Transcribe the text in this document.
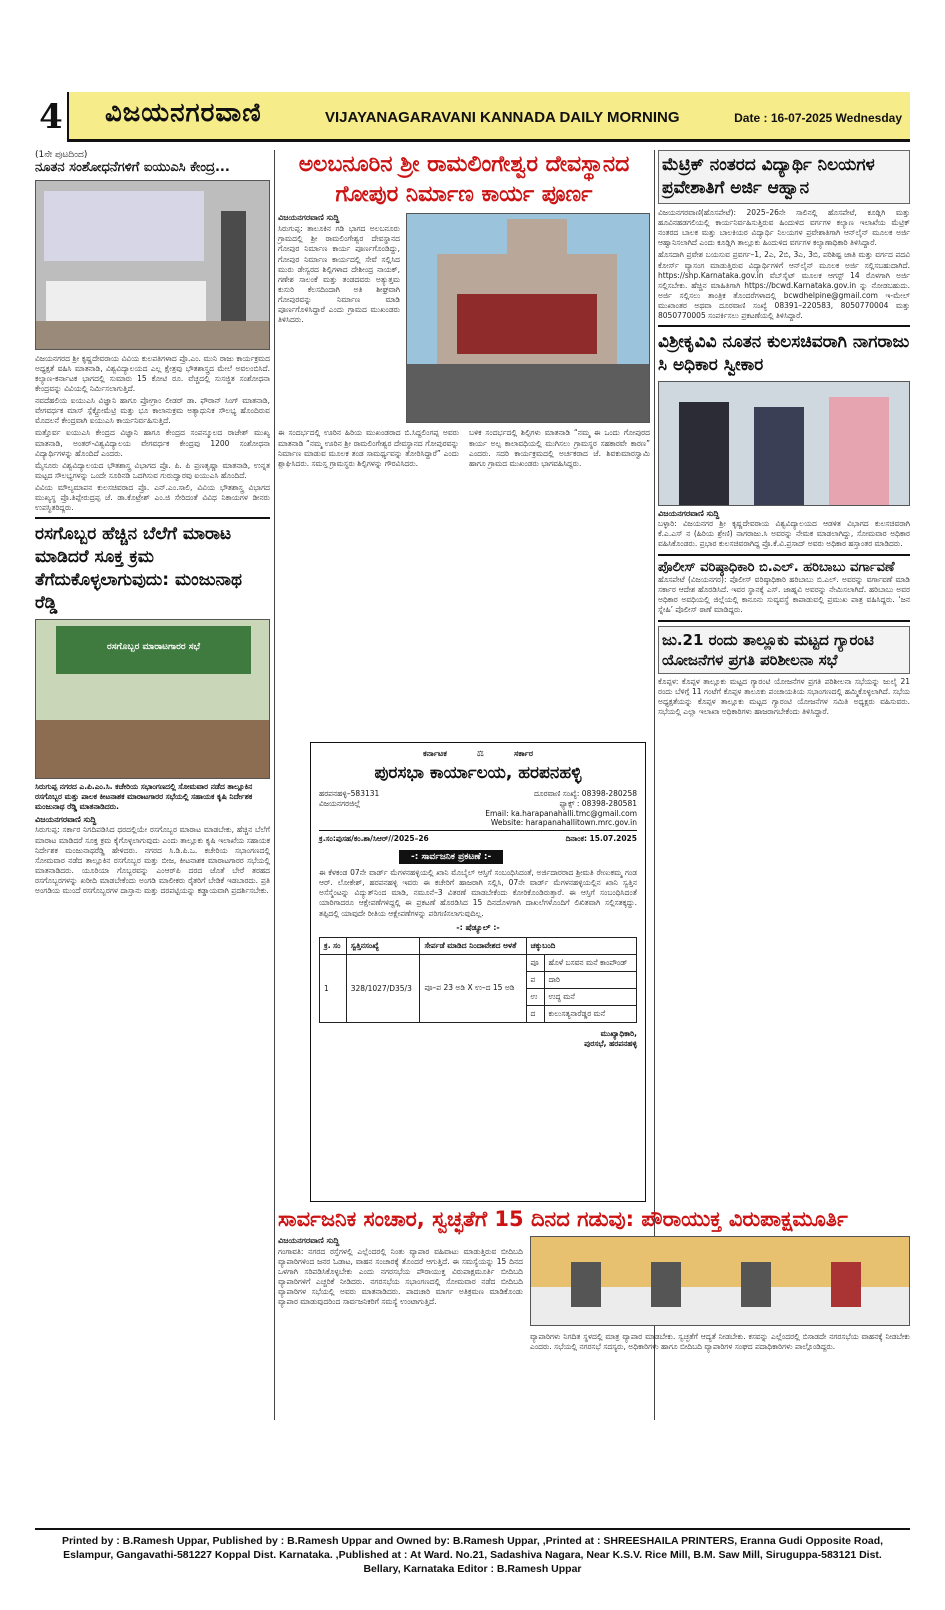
4 ವಿಜಯನಗರವಾಣಿ	VIJAYANAGARAVANI KANNADA DAILY MORNING	Date : 16-07-2025 Wednesday
(1ನೇ ಪುಟದಿಂದ)
ನೂತನ ಸಂಶೋಧನೆಗಳಿಗೆ ಐಯುಎಸಿ ಕೇಂದ್ರ...

ವಿಜಯನಗರದ ಶ್ರೀ ಕೃಷ್ಣದೇವರಾಯ ವಿವಿಯ ಕುಲಪತಿಗಳಾದ ಪ್ರೊ.ಎಂ. ಮುನಿ ರಾಜು ಕಾರ್ಯಕ್ರಮದ ಅಧ್ಯಕ್ಷತೆ ವಹಿಸಿ ಮಾತನಾಡಿ, ವಿಶ್ವವಿದ್ಯಾಲಯದ ಎಲ್ಲ ಕ್ಷೇತ್ರವು ಭೌತಶಾಸ್ತ್ರದ ಮೇಲೆ ಅವಲಂಬಿಸಿದೆ. ಕಲ್ಯಾಣ-ಕರ್ನಾಟಕ ಭಾಗದಲ್ಲಿ ಸುಮಾರು 15 ಕೋಟಿ ರೂ. ವೆಚ್ಚದಲ್ಲಿ ಸುಸಜ್ಜಿತ ಸಂಶೋಧನಾ ಕೇಂದ್ರವನ್ನು ವಿವಿಯಲ್ಲಿ ನಿರ್ಮಿಸಲಾಗುತ್ತಿದೆ.

ನವದೆಹಲಿಯ ಐಯುಎಸಿ ವಿಜ್ಞಾನಿ ಹಾಗೂ ಪ್ರೋಗ್ರಾಂ ಲೀಡರ್ ಡಾ. ಫೌರಾನ್ ಸಿಂಗ್ ಮಾತನಾಡಿ, ವೇಗವರ್ಧಕ ಮಾಸ್ ಸ್ಪೆಕ್ಟ್ರೋಮೆಟ್ರಿ ಮತ್ತು ಭೂ ಕಾಲಾನುಕ್ರಮ ಅತ್ಯಾಧುನಿಕ ಸೌಲಭ್ಯ ಹೊಂದಿರುವ ಮೊದಲನೆ ಕೇಂದ್ರವಾಗಿ ಐಯುಎಸಿ ಕಾರ್ಯನಿರ್ವಹಿಸುತ್ತಿದೆ.

ಮತ್ತೊರ್ವ ಐಯುಎಸಿ ಕೇಂದ್ರದ ವಿಜ್ಞಾನಿ ಹಾಗೂ ಕೇಂದ್ರದ ಸಂಪನ್ಮೂಲದ ರಾಜೇಶ್ ಮುಖ್ಯ ಮಾತನಾಡಿ, ಅಂತರ್-ವಿಶ್ವವಿದ್ಯಾಲಯ ವೇಗವರ್ಧಕ ಕೇಂದ್ರವು 1200 ಸಂಶೋಧನಾ ವಿದ್ಯಾರ್ಥಿಗಳನ್ನು ಹೊಂದಿದೆ ಎಂದರು.

ಮೈಸೂರು ವಿಶ್ವವಿದ್ಯಾಲಯದ ಭೌತಶಾಸ್ತ್ರ ವಿಭಾಗದ ಪ್ರೊ. ಪಿ. ಪಿ ಪ್ರಣತೃಷ್ಣಾ ಮಾತನಾಡಿ, ಉನ್ನತ ಮಟ್ಟದ ಸೌಲಭ್ಯಗಳನ್ನು ಒಂದೇ ಸೂರಿನಡಿ ಒದಗಿಸುವ ಗುರುದ್ವಾರವು ಐಯುಎಸಿ ಹೊಂದಿದೆ.

ವಿವಿಯ ಮೌಲ್ಯಮಾಪನ ಕುಲಸಚಿವರಾದ ಪ್ರೊ. ಎನ್.ಎಂ.ಸಾಲಿ, ವಿವಿಯ ಭೌತಶಾಸ್ತ್ರ ವಿಭಾಗದ ಮುಖ್ಯಸ್ಥ ಪ್ರೊ.ತಿಪ್ಪೇರುದ್ರಪ್ಪ ಜೆ. ಡಾ.ಕೊಟ್ರೇಶ್ ಎಂ.ಜಿ ಸೇರಿದಂತೆ ವಿವಿಧ ನಿಕಾಯಗಳ ಡೀನರು ಉಪಸ್ಥಿತರಿದ್ದರು.

ರಸಗೊಬ್ಬರ ಹೆಚ್ಚಿನ ಬೆಲೆಗೆ ಮಾರಾಟ ಮಾಡಿದರೆ ಸೂಕ್ತ ಕ್ರಮ ತೆಗೆದುಕೊಳ್ಳಲಾಗುವುದು: ಮಂಜುನಾಥ ರೆಡ್ಡಿ
ರಸಗೊಬ್ಬರ ಮಾರಾಟಗಾರರ ಸಭೆ
ಸಿರುಗುಪ್ಪ ನಗರದ ಎ.ಪಿ.ಎಂ.ಸಿ. ಕಚೇರಿಯ ಸಭಾಂಗಣದಲ್ಲಿ ಸೋಮವಾರ ನಡೆದ ತಾಲ್ಲೂಕಿನ ರಸಗೊಬ್ಬರ ಮತ್ತು ಪಾಲಕ ಕೀಟನಾಶಕ ಮಾರಾಟಗಾರರ ಸಭೆಯಲ್ಲಿ ಸಹಾಯಕ ಕೃಷಿ ನಿರ್ದೇಶಕ ಮಂಜುನಾಥ ರೆಡ್ಡಿ ಮಾತನಾಡಿದರು.
ವಿಜಯನಗರವಾಣಿ ಸುದ್ದಿ
ಸಿರುಗುಪ್ಪ: ಸರ್ಕಾರ ನಿಗದಿಪಡಿಸಿದ ಧರದಲ್ಲಿಯೇ ರಸಗೊಬ್ಬರ ಮಾರಾಟ ಮಾಡಬೇಕು, ಹೆಚ್ಚಿನ ಬೆಲೆಗೆ ಮಾರಾಟ ಮಾಡಿದರೆ ಸೂಕ್ತ ಕ್ರಮ ಕೈಗೊಳ್ಳಲಾಗುವುದು ಎಂದು ತಾಲ್ಲೂಕು ಕೃಷಿ ಇಲಾಖೆಯ ಸಹಾಯಕ ನಿರ್ದೇಶಕ ಮಂಜುನಾಥರೆಡ್ಡಿ ಹೇಳಿದರು. ನಗರದ ಸಿ.ಡಿ.ಪಿ.ಒ. ಕಚೇರಿಯ ಸಭಾಂಗಣದಲ್ಲಿ ಸೋಮವಾರ ನಡೆದ ತಾಲ್ಲೂಕಿನ ರಸಗೊಬ್ಬರ ಮತ್ತು ಬೀಜ, ಕೀಟನಾಶಕ ಮಾರಾಟಗಾರರ ಸಭೆಯಲ್ಲಿ ಮಾತನಾಡಿದರು. ಯೂರಿಯಾ ಗೊಬ್ಬರವನ್ನು ಎಂಆರ್‌ಪಿ ದರದ ಜೊತೆ ಬೇರೆ ತರಹದ ರಸಗೊಬ್ಬರಗಳನ್ನು ಖರೀದಿ ಮಾಡಬೇಕೆಂದು ಅಂಗಡಿ ಮಾಲೀಕರು ರೈತರಿಗೆ ಬೇಡಿಕೆ ಇಡಬಾರದು. ಪ್ರತಿ ಅಂಗಡಿಯ ಮುಂದೆ ರಸಗೊಬ್ಬರಗಳ ದಾಸ್ತಾನು ಮತ್ತು ದರಪಟ್ಟಿಯನ್ನು ಕಡ್ಡಾಯವಾಗಿ ಪ್ರದರ್ಶಿಸಬೇಕು.
ಅಲಬನೂರಿನ ಶ್ರೀ ರಾಮಲಿಂಗೇಶ್ವರ ದೇವಸ್ಥಾನದ ಗೋಪುರ ನಿರ್ಮಾಣ ಕಾರ್ಯ ಪೂರ್ಣ
ವಿಜಯನಗರವಾಣಿ ಸುದ್ದಿ
ಸಿರುಗುಪ್ಪ: ತಾಲೂಕಿನ ಗಡಿ ಭಾಗದ ಅಲಬನೂರು ಗ್ರಾಮದಲ್ಲಿ ಶ್ರೀ ರಾಮಲಿಂಗೇಶ್ವರ ದೇವಸ್ಥಾನದ ಗೋಪುರ ನಿರ್ಮಾಣ ಕಾರ್ಯ ಪೂರ್ಣಗೊಂಡಿದ್ದು, ಗೋಪುರ ನಿರ್ಮಾಣ ಕಾರ್ಯದಲ್ಲಿ ಸೇವೆ ಸಲ್ಲಿಸಿದ ಮುರು ಡೇಸ್ವರದ ಶಿಲ್ಪಿಗಳಾದ ದೇಶೀಂದ್ರ ನಾಯಕ್, ಗಣೇಶ ಸಾಲಂಕೆ ಮತ್ತು ತಂಡದವರು ಅತ್ಯುತ್ತಮ ಕುಸುರಿ ಕೆಲಸದಿಂದಾಗಿ ಅತಿ ಶೀಘ್ರವಾಗಿ ಗೋಪುರವನ್ನು ನಿರ್ಮಾಣ ಮಾಡಿ ಪೂರ್ಣಗೊಳಿಸಿದ್ದಾರೆ ಎಂದು ಗ್ರಾಮದ ಮುಖಂಡರು ತಿಳಿಸಿದರು.

ಈ ಸಂದರ್ಭದಲ್ಲಿ ಊರಿನ ಹಿರಿಯ ಮುಖಂಡರಾದ ಬಿ.ಸಿದ್ದಲಿಂಗಪ್ಪ ಅವರು ಮಾತನಾಡಿ “ನಮ್ಮ ಊರಿನ ಶ್ರೀ ರಾಮಲಿಂಗೇಶ್ವರ ದೇವಸ್ಥಾನದ ಗೋಪುರವನ್ನು ನಿರ್ಮಾಣ ಮಾಡುವ ಮೂಲಕ ತಂಡ ಸಾಮರ್ಥ್ಯವನ್ನು ತೋರಿಸಿದ್ದಾರೆ” ಎಂದು ಶ್ಲಾಘಿಸಿದರು. ಸಮಸ್ತ ಗ್ರಾಮಸ್ಥರು ಶಿಲ್ಪಿಗಳನ್ನು ಗೌರವಿಸಿದರು.

ಬಳಿಕ ಸಂದರ್ಭದಲ್ಲಿ ಶಿಲ್ಪಿಗಳು ಮಾತನಾಡಿ “ನಮ್ಮ ಈ ಒಂದು ಗೋಪುರದ ಕಾರ್ಯ ಅಲ್ಪ ಕಾಲಾವಧಿಯಲ್ಲಿ ಮುಗಿಸಲು ಗ್ರಾಮಸ್ಥರ ಸಹಕಾರವೇ ಕಾರಣ” ಎಂದರು. ಸದರಿ ಕಾರ್ಯಕ್ರಮದಲ್ಲಿ ಅರ್ಚಕರಾದ ಜೆ. ಶಿವಕುಮಾರಸ್ವಾಮಿ ಹಾಗೂ ಗ್ರಾಮದ ಮುಖಂಡರು ಭಾಗವಹಿಸಿದ್ದರು.

ಕರ್ನಾಟಕ	⚖	ಸರ್ಕಾರ
ಪುರಸಭಾ ಕಾರ್ಯಾಲಯ, ಹರಪನಹಳ್ಳಿ
ಹರಪನಹಳ್ಳಿ–583131	ದೂರವಾಣಿ ಸಂಖ್ಯೆ: 08398-280258
ವಿಜಯನಗರಜಿಲ್ಲೆ	ಫ್ಯಾಕ್ಸ್ : 08398-280581
Email: ka.harapanahalli.tmc@gmail.com
Website: harapanahallitown.mrc.gov.in
ಕ್ರ.ಸಂ:ಪುಸಹ/ಕಂ.ಶಾ/ಸಿಆರ್//2025–26	ದಿನಾಂಕ: 15.07.2025
-: ಸಾರ್ವಜನಿಕ ಪ್ರಕಟಣೆ :-
ಈ ಕೆಳಕಂಡ 07ನೇ ವಾರ್ಡ್ ಮೆಗಳನಹಳ್ಳಿಯಲ್ಲಿ ಖಾನಿ ಮೊಬೈಲ್ ಆಸ್ತಿಗೆ ಸಂಬಂಧಿಸಿದಂತೆ, ಅರ್ಜಿದಾರರಾದ ಶ್ರೀಮತಿ ರೇಣುಕಮ್ಮ ಗಂಡ ಆರ್. ಲೋಕೇಶ್, ಹರಪನಹಳ್ಳಿ ಇವರು ಈ ಕಚೇರಿಗೆ ಹಾಜರಾಗಿ ಸಲ್ಲಿಸಿ, 07ನೇ ವಾರ್ಡ್ ಮೆಗಳನಹಳ್ಳಿಯಲ್ಲಿನ ಖಾನಿ ಸ್ವತ್ತಿನ ಅಸೆಸ್ಮೆಂಟನ್ನು ವಿದ್ಯುತ್‌ನಿಂದ ಮಾಡಿ, ನಮೂನೆ–3 ವಿತರಣೆ ಮಾಡಬೇಕೆಂದು ಕೋರಿಕೊಂಡಿರುತ್ತಾರೆ. ಈ ಆಸ್ತಿಗೆ ಸಂಬಂಧಿಸಿದಂತೆ ಯಾರಿಗಾದರೂ ಆಕ್ಷೇಪಣೆಗಳಿದ್ದಲ್ಲಿ ಈ ಪ್ರಕಟಣೆ ಹೊರಡಿಸಿದ 15 ದಿನದೊಳಗಾಗಿ ದಾಖಲೆಗಳೊಂದಿಗೆ ಲಿಖಿತವಾಗಿ ಸಲ್ಲಿಸತಕ್ಕದ್ದು. ತಪ್ಪಿದಲ್ಲಿ ಯಾವುದೇ ರೀತಿಯ ಆಕ್ಷೇಪಣೆಗಳನ್ನು ಪರಿಗಣಿಸಲಾಗುವುದಿಲ್ಲ.
-: ಷೆಡ್ಯೂಲ್ :-
ಕ್ರ. ಸಂ	ಸ್ವತ್ತಿನಸಂಖ್ಯೆ	ಸೇರ್ಪಡೆ ಮಾಡಿದ ನಿಂದಾವೇಶದ ಅಳತೆ	ಚಕ್ಕುಬಂದಿ	
1	328/1027/D35/3	ಪೂ–ಪ 23 ಅಡಿ X ಉ–ದ 15 ಅಡಿ	ಪೂ	ಹೊಳೆ ಬಸವನ ಮನೆ ಕಾಂಪೌಂಡ್
			ಪ	ದಾರಿ
			ಉ	ಉದ್ಧ ಮನೆ
			ದ	ಕುಲುಸತ್ಯನಾರೆಡ್ಡರ ಮನೆ
ಮುಖ್ಯಾಧಿಕಾರಿ,
ಪುರಸಭೆ, ಹರಪನಹಳ್ಳಿ
ಮೆಟ್ರಿಕ್ ನಂತರದ ವಿದ್ಯಾರ್ಥಿ ನಿಲಯಗಳ ಪ್ರವೇಶಾತಿಗೆ ಅರ್ಜಿ ಆಹ್ವಾನ

ವಿಜಯನಗರವಾಣಿ(ಹೊಸಪೇಟೆ): 2025–26ನೇ ಸಾಲಿನಲ್ಲಿ ಹೊಸಪೇಟೆ, ಕೂಡ್ಲಿಗಿ ಮತ್ತು ಹೂವಿನಹಡಗಲಿಯಲ್ಲಿ ಕಾರ್ಯನಿರ್ವಹಿಸುತ್ತಿರುವ ಹಿಂದುಳಿದ ವರ್ಗಗಳ ಕಲ್ಯಾಣ ಇಲಾಖೆಯ ಮೆಟ್ರಿಕ್ ನಂತರದ ಬಾಲಕ ಮತ್ತು ಬಾಲಕಿಯರ ವಿದ್ಯಾರ್ಥಿ ನಿಲಯಗಳ ಪ್ರವೇಶಾತಿಗಾಗಿ ಆನ್‌ಲೈನ್ ಮೂಲಕ ಅರ್ಜಿ ಆಹ್ವಾನಿಸಲಾಗಿದೆ ಎಂದು ಕೂಡ್ಲಿಗಿ ತಾಲ್ಲೂಕು ಹಿಂದುಳಿದ ವರ್ಗಗಳ ಕಲ್ಯಾಣಾಧಿಕಾರಿ ತಿಳಿಸಿದ್ದಾರೆ.

ಹೊಸದಾಗಿ ಪ್ರವೇಶ ಬಯಸುವ ಪ್ರವರ್ಗ–1, 2ಎ, 2ಬಿ, 3ಎ, 3ಬಿ, ಪರಿಶಿಷ್ಟ ಜಾತಿ ಮತ್ತು ವರ್ಗದ ಪದವಿ ಕೋರ್ಸ್ ವ್ಯಾಸಂಗ ಮಾಡುತ್ತಿರುವ ವಿದ್ಯಾರ್ಥಿಗಳಿಗೆ ಆನ್‌ಲೈನ್ ಮೂಲಕ ಅರ್ಜಿ ಸಲ್ಲಿಸಬಹುದಾಗಿದೆ. https://shp.Karnataka.gov.in ವೆಬ್‌ಸೈಟ್ ಮೂಲಕ ಆಗಸ್ಟ್ 14 ರೊಳಗಾಗಿ ಅರ್ಜಿ ಸಲ್ಲಿಸಬೇಕು. ಹೆಚ್ಚಿನ ಮಾಹಿತಿಗಾಗಿ https://bcwd.Karnataka.gov.in ನ್ನು ನೋಡಬಹುದು. ಅರ್ಜಿ ಸಲ್ಲಿಸಲು ತಾಂತ್ರಿಕ ತೊಂದರೆಗಳಾದಲ್ಲಿ bcwdhelpine@gmail.com ಇ-ಮೇಲ್ ಮುಖಾಂತರ ಅಥವಾ ದೂರವಾಣಿ ಸಂಖ್ಯೆ 08391–220583, 8050770004 ಮತ್ತು 8050770005 ಸಂಪರ್ಕಿಸಲು ಪ್ರಕಟಣೆಯಲ್ಲಿ ತಿಳಿಸಿದ್ದಾರೆ.

ವಿಶ್ರೀಕೃವಿವಿ ನೂತನ ಕುಲಸಚಿವರಾಗಿ ನಾಗರಾಜು ಸಿ ಅಧಿಕಾರ ಸ್ವೀಕಾರ
ವಿಜಯನಗರವಾಣಿ ಸುದ್ದಿ
ಬಳ್ಳಾರಿ: ವಿಜಯನಗರ ಶ್ರೀ ಕೃಷ್ಣದೇವರಾಯ ವಿಶ್ವವಿದ್ಯಾಲಯದ ಆಡಳಿತ ವಿಭಾಗದ ಕುಲಸಚಿವರಾಗಿ ಕೆ.ಎ.ಎಸ್ ನ (ಹಿರಿಯ ಶ್ರೇಣಿ) ನಾಗರಾಜು.ಸಿ ಅವರನ್ನು ನೇಮಕ ಮಾಡಲಾಗಿದ್ದು, ಸೋಮವಾರ ಅಧಿಕಾರ ವಹಿಸಿಕೊಂಡರು. ಪ್ರಭಾರ ಕುಲಸಚಿವರಾಗಿದ್ದ ಪ್ರೊ.ಕೆ.ವಿ.ಪ್ರಸಾದ್ ಅವರು ಅಧಿಕಾರ ಹಸ್ತಾಂತರ ಮಾಡಿದರು.
ಪೊಲೀಸ್ ವರಿಷ್ಠಾಧಿಕಾರಿ ಬಿ.ಎಲ್. ಹರಿಬಾಬು ವರ್ಗಾವಣೆ
ಹೊಸಪೇಟೆ (ವಿಜಯನಗರ): ಪೊಲೀಸ್ ವರಿಷ್ಠಾಧಿಕಾರಿ ಹರಿಬಾಬು ಬಿ.ಎಲ್. ಅವರನ್ನು ವರ್ಗಾವಣೆ ಮಾಡಿ ಸರ್ಕಾರ ಆದೇಶ ಹೊರಡಿಸಿದೆ. ಇವರ ಸ್ಥಾನಕ್ಕೆ ಎಸ್. ಜಾಹ್ನವಿ ಅವರನ್ನು ನೇಮಿಸಲಾಗಿದೆ. ಹರಿಬಾಬು ಅವರ ಅಧಿಕಾರ ಅವಧಿಯಲ್ಲಿ ಜಿಲ್ಲೆಯಲ್ಲಿ ಕಾನೂನು ಸುವ್ಯವಸ್ಥೆ ಕಾಪಾಡುವಲ್ಲಿ ಪ್ರಮುಖ ಪಾತ್ರ ವಹಿಸಿದ್ದರು. ‘ಜನ ಸ್ನೇಹಿ’ ಪೊಲೀಸ್ ಠಾಣೆ ಮಾಡಿದ್ದರು.
ಜು.21 ರಂದು ತಾಲ್ಲೂಕು ಮಟ್ಟದ ಗ್ಯಾರಂಟಿ ಯೋಜನೆಗಳ ಪ್ರಗತಿ ಪರಿಶೀಲನಾ ಸಭೆ
ಕೊಪ್ಪಳ: ಕೊಪ್ಪಳ ತಾಲ್ಲೂಕು ಮಟ್ಟದ ಗ್ಯಾರಂಟಿ ಯೋಜನೆಗಳ ಪ್ರಗತಿ ಪರಿಶೀಲನಾ ಸಭೆಯನ್ನು ಜುಲೈ 21 ರಂದು ಬೆಳಿಗ್ಗೆ 11 ಗಂಟೆಗೆ ಕೊಪ್ಪಳ ತಾಲೂಕು ಪಂಚಾಯತಿಯ ಸಭಾಂಗಣದಲ್ಲಿ ಹಮ್ಮಿಕೊಳ್ಳಲಾಗಿದೆ. ಸಭೆಯ ಅಧ್ಯಕ್ಷತೆಯನ್ನು ಕೊಪ್ಪಳ ತಾಲ್ಲೂಕು ಮಟ್ಟದ ಗ್ಯಾರಂಟಿ ಯೋಜನೆಗಳ ಸಮಿತಿ ಅಧ್ಯಕ್ಷರು ವಹಿಸುವರು. ಸಭೆಯಲ್ಲಿ ಎಲ್ಲಾ ಇಲಾಖಾ ಅಧಿಕಾರಿಗಳು ಹಾಜರಾಗಬೇಕೆಂದು ತಿಳಿಸಿದ್ದಾರೆ.
ಸಾರ್ವಜನಿಕ ಸಂಚಾರ, ಸ್ವಚ್ಛತೆಗೆ 15 ದಿನದ ಗಡುವು: ಪೌರಾಯುಕ್ತ ವಿರುಪಾಕ್ಷಮೂರ್ತಿ
ವಿಜಯನಗರವಾಣಿ ಸುದ್ದಿ
ಗಂಗಾವತಿ: ನಗರದ ರಸ್ತೆಗಳಲ್ಲಿ ಎಲ್ಲೆಂದರಲ್ಲಿ ನಿಂತು ವ್ಯಾಪಾರ ವಹಿವಾಟು ಮಾಡುತ್ತಿರುವ ಬೀದಿಬದಿ ವ್ಯಾಪಾರಿಗಳಿಂದ ಜನರ ಓಡಾಟ, ವಾಹನ ಸಂಚಾರಕ್ಕೆ ತೊಂದರೆ ಆಗುತ್ತಿದೆ. ಈ ಸಮಸ್ಯೆಯನ್ನು 15 ದಿನದ ಒಳಗಾಗಿ ಸರಿಪಡಿಸಿಕೊಳ್ಳಬೇಕು ಎಂದು ನಗರಸಭೆಯ ಪೌರಾಯುಕ್ತ ವಿರುಪಾಕ್ಷಮೂರ್ತಿ ಬೀದಿಬದಿ ವ್ಯಾಪಾರಿಗಳಿಗೆ ಎಚ್ಚರಿಕೆ ನೀಡಿದರು. ನಗರಸಭೆಯ ಸಭಾಂಗಣದಲ್ಲಿ ಸೋಮವಾರ ನಡೆದ ಬೀದಿಬದಿ ವ್ಯಾಪಾರಿಗಳ ಸಭೆಯಲ್ಲಿ ಅವರು ಮಾತನಾಡಿದರು. ಪಾದಚಾರಿ ಮಾರ್ಗ ಅತಿಕ್ರಮಣ ಮಾಡಿಕೊಂಡು ವ್ಯಾಪಾರ ಮಾಡುವುದರಿಂದ ಸಾರ್ವಜನಿಕರಿಗೆ ಸಮಸ್ಯೆ ಉಂಟಾಗುತ್ತಿದೆ.
ವ್ಯಾಪಾರಿಗಳು ನಿಗದಿತ ಸ್ಥಳದಲ್ಲಿ ಮಾತ್ರ ವ್ಯಾಪಾರ ಮಾಡಬೇಕು. ಸ್ವಚ್ಛತೆಗೆ ಆದ್ಯತೆ ನೀಡಬೇಕು. ಕಸವನ್ನು ಎಲ್ಲೆಂದರಲ್ಲಿ ಬಿಸಾಡದೇ ನಗರಸಭೆಯ ವಾಹನಕ್ಕೆ ನೀಡಬೇಕು ಎಂದರು. ಸಭೆಯಲ್ಲಿ ನಗರಸಭೆ ಸದಸ್ಯರು, ಅಧಿಕಾರಿಗಳು ಹಾಗೂ ಬೀದಿಬದಿ ವ್ಯಾಪಾರಿಗಳ ಸಂಘದ ಪದಾಧಿಕಾರಿಗಳು ಪಾಲ್ಗೊಂಡಿದ್ದರು.
Printed by : B.Ramesh Uppar, Published by : B.Ramesh Uppar and Owned by: B.Ramesh Uppar, ,Printed at : SHREESHAILA PRINTERS, Eranna Gudi Opposite Road,
Eslampur, Gangavathi-581227 Koppal Dist. Karnataka. ,Published at : At Ward. No.21, Sadashiva Nagara, Near K.S.V. Rice Mill, B.M. Saw Mill, Siruguppa-583121 Dist.
Bellary, Karnataka Editor : B.Ramesh Uppar
